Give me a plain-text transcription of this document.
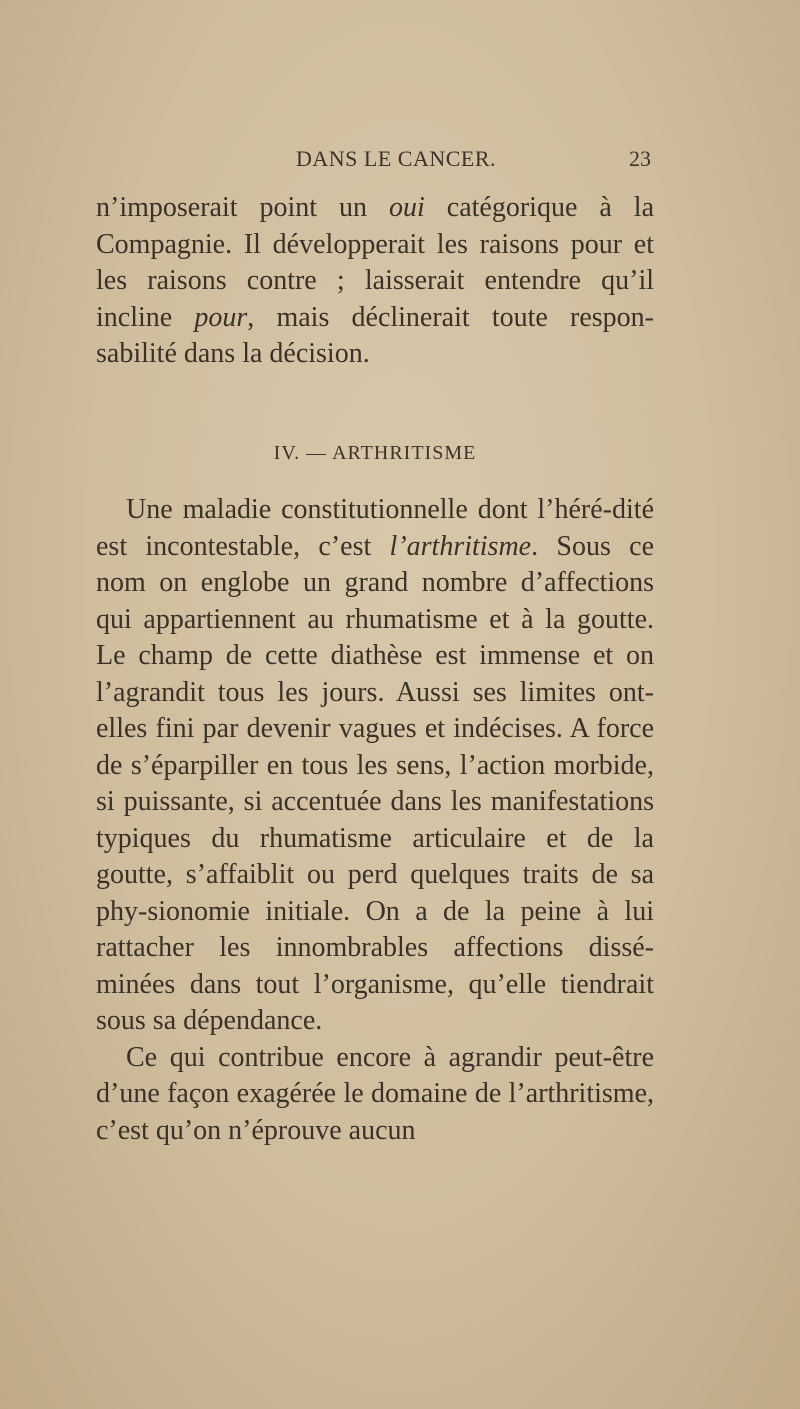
DANS LE CANCER.	23

n’imposerait point un oui catégorique à la Compagnie. Il développerait les raisons pour et les raisons contre ; laisserait entendre qu’il incline pour, mais déclinerait toute respon-sabilité dans la décision.

IV. — ARTHRITISME

Une maladie constitutionnelle dont l’héré-dité est incontestable, c’est l’arthritisme. Sous ce nom on englobe un grand nombre d’affections qui appartiennent au rhumatisme et à la goutte. Le champ de cette diathèse est immense et on l’agrandit tous les jours. Aussi ses limites ont-elles fini par devenir vagues et indécises. A force de s’éparpiller en tous les sens, l’action morbide, si puissante, si accentuée dans les manifestations typiques du rhumatisme articulaire et de la goutte, s’affaiblit ou perd quelques traits de sa phy-sionomie initiale. On a de la peine à lui rattacher les innombrables affections dissé-minées dans tout l’organisme, qu’elle tiendrait sous sa dépendance.

Ce qui contribue encore à agrandir peut-être d’une façon exagérée le domaine de l’arthritisme, c’est qu’on n’éprouve aucun
